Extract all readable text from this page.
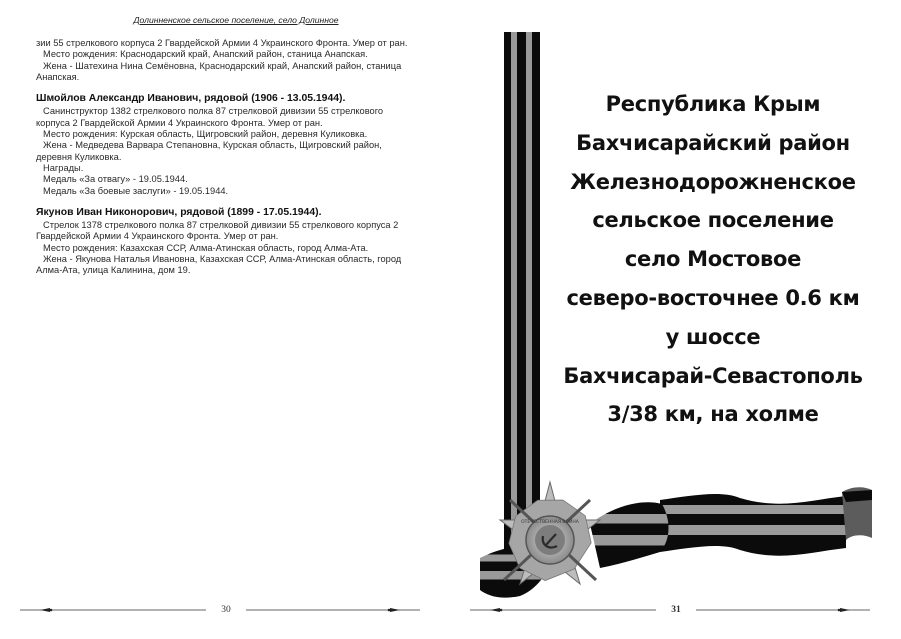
Долинненское сельское поселение, село Долинное

зии 55 стрелкового корпуса 2 Гвардейской Армии 4 Украинского Фронта. Умер от ран.

Место рождения: Краснодарский край, Анапский район, станица Анапская.

Жена - Шатехина Нина Семёновна, Краснодарский край, Анапский район, станица Анапская.

Шмойлов Александр Иванович, рядовой (1906 - 13.05.1944).

Санинструктор 1382 стрелкового полка 87 стрелковой дивизии 55 стрелкового корпуса 2 Гвардейской Армии 4 Украинского Фронта. Умер от ран.

Место рождения: Курская область, Щигровский район, деревня Куликовка.

Жена - Медведева Варвара Степановна, Курская область, Щигровский район, деревня Куликовка.

Награды.

Медаль «За отвагу» - 19.05.1944.

Медаль «За боевые заслуги» - 19.05.1944.

Якунов Иван Никонорович, рядовой (1899 - 17.05.1944).

Стрелок 1378 стрелкового полка 87 стрелковой дивизии 55 стрелкового корпуса 2 Гвардейской Армии 4 Украинского Фронта. Умер от ран.

Место рождения: Казахская ССР, Алма-Атинская область, город Алма-Ата.

Жена - Якунова Наталья Ивановна, Казахская ССР, Алма-Атинская область, город Алма-Ата, улица Калинина, дом 19.

30
Республика Крым
Бахчисарайский район
Железнодорожненское
сельское поселение
село Мостовое
северо-восточнее 0.6 км
у шоссе
Бахчисарай-Севастополь
3/38 км, на холме
ОТЕЧЕСТВЕННАЯ ВОЙНА
31
